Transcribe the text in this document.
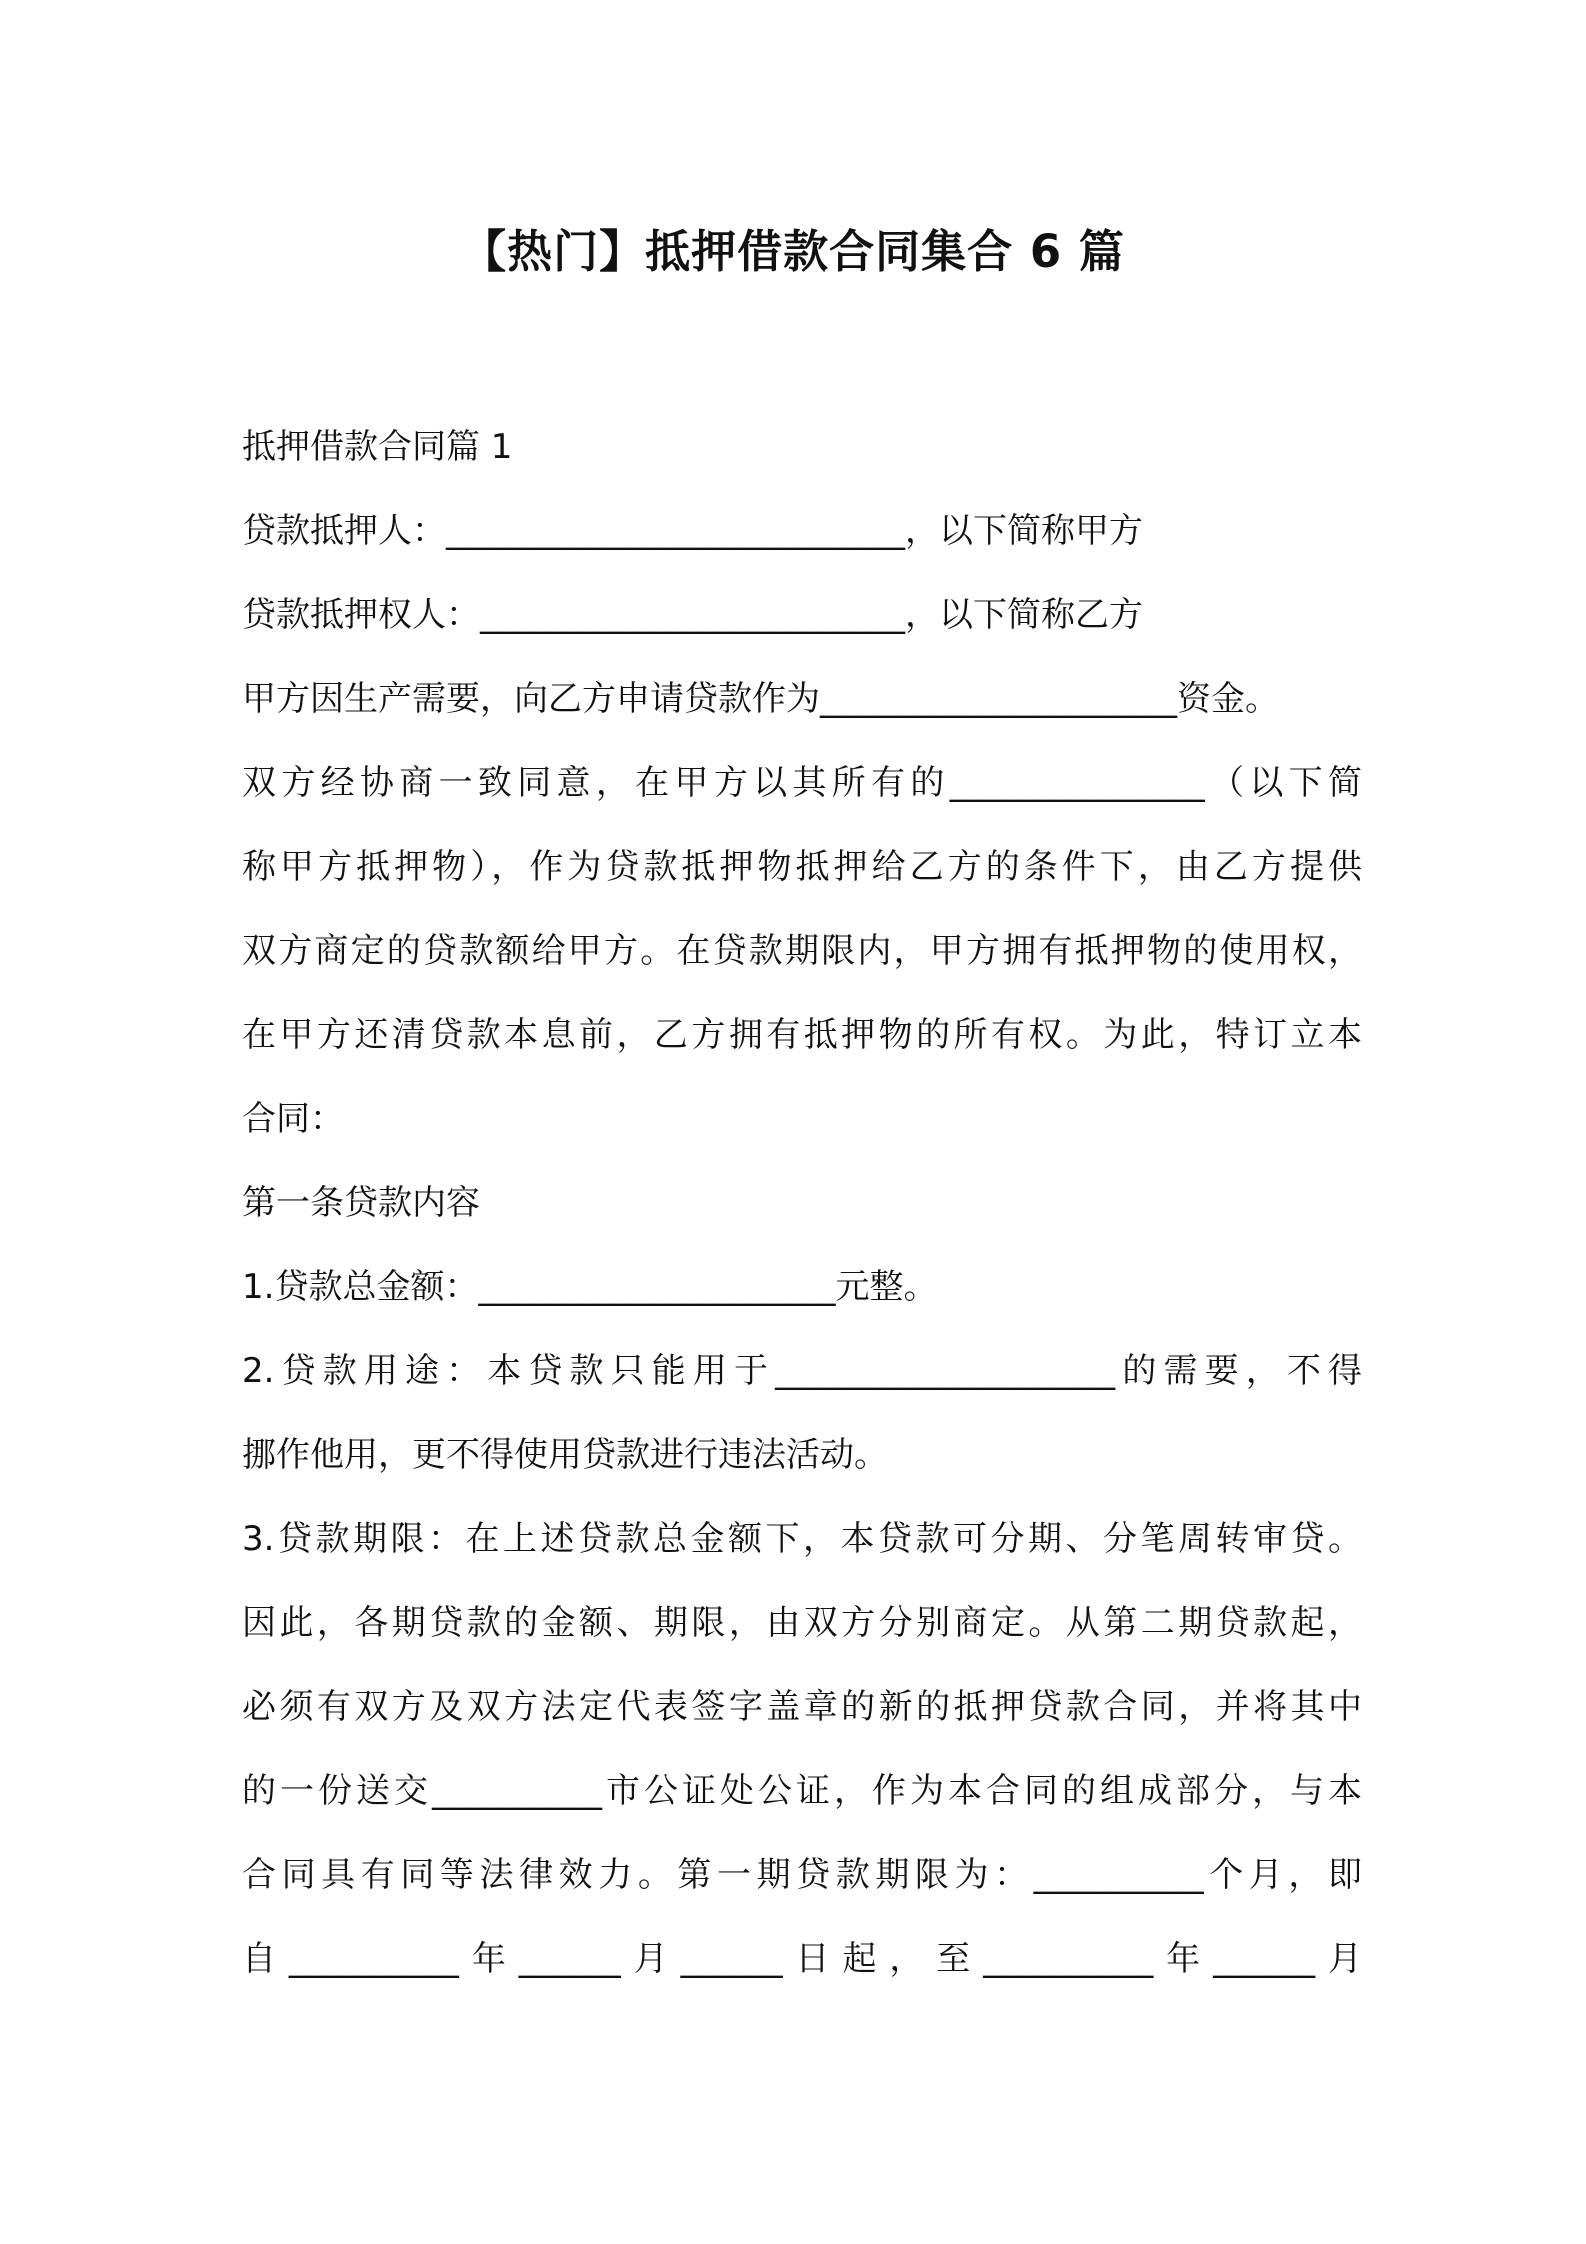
【热门】抵押借款合同集合 6 篇
抵押借款合同篇 1
贷款抵押人：___________________________，以下简称甲方
贷款抵押权人：_________________________，以下简称乙方
甲方因生产需要，向乙方申请贷款作为_____________________资金。
双方经协商一致同意，在甲方以其所有的_______________（以下简
称甲方抵押物），作为贷款抵押物抵押给乙方的条件下，由乙方提供
双方商定的贷款额给甲方。在贷款期限内，甲方拥有抵押物的使用权，
在甲方还清贷款本息前，乙方拥有抵押物的所有权。为此，特订立本
合同：
第一条贷款内容
1.贷款总金额：_____________________元整。
2.贷款用途：本贷款只能用于____________________的需要，不得
挪作他用，更不得使用贷款进行违法活动。
3.贷款期限：在上述贷款总金额下，本贷款可分期、分笔周转审贷。
因此，各期贷款的金额、期限，由双方分别商定。从第二期贷款起，
必须有双方及双方法定代表签字盖章的新的抵押贷款合同，并将其中
的一份送交__________市公证处公证，作为本合同的组成部分，与本
合同具有同等法律效力。第一期贷款期限为：__________个月，即
自__________年______月______日起，至__________年______月
